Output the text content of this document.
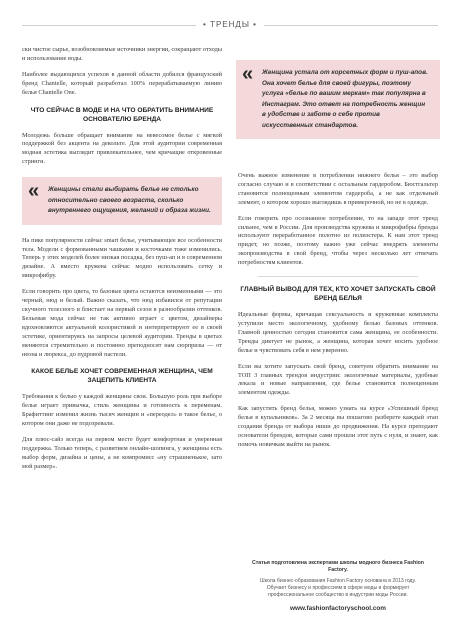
• ТРЕНДЫ •

ски чистое сырье, возобновляемые источники энергии, сокращают отходы и использование воды.

Наиболее выдающихся успехов в данной области добился французский бренд Chantelle, который разработал 100% перерабатываемую линию белья Chantelle One.

ЧТО СЕЙЧАС В МОДЕ И НА ЧТО ОБРАТИТЬ ВНИМАНИЕ ОСНОВАТЕЛЮ БРЕНДА

Молодежь больше обращает внимание на невесомое белье с мягкой поддержкой без акцента на декольте. Для этой аудитории современная модная эстетика выглядит привлекательнее, чем кричащие откровенные стринги.

« Женщины стали выбирать белье не столько относительно своего возраста, сколько внутреннего ощущения, желаний и образа жизни.

На пике популярности сейчас smart белье, учитывающее все особенности тела. Модели с формованными чашками и косточками тоже изменились. Теперь у этих моделей более низкая посадка, без пуш-ап и в современном дизайне. А вместо кружева сейчас модно использовать сетку и микрофибру.

Если говорить про цвета, то базовые цвета остаются неизменными — это черный, нюд и белый. Важно сказать, что нюд избавился от репутации скучного телесного и блистает на первый сезон в разнообразии оттенков. Бельевая мода сейчас не так активно играет с цветом, дизайнеры вдохновляются актуальной колористикой и интерпретируют ее в своей эстетике, ориентируясь на запросы целевой аудитории. Тренды в цветах меняются стремительно и постоянно преподносят нам сюрпризы — от неона и люрекса, до пудровой пастели.

КАКОЕ БЕЛЬЕ ХОЧЕТ СОВРЕМЕННАЯ ЖЕНЩИНА, ЧЕМ ЗАЦЕПИТЬ КЛИЕНТА

Требования к белью у каждой женщины свои. Большую роль при выборе белья играет привычка, стиль женщины и готовность к переменам. Брафиттинг изменил жизнь тысяч женщин и «переодел» в такое белье, о котором они даже не подозревали.

Для плюс-сайз всегда на первом месте будет комфортная и уверенная поддержка. Только теперь, с развитием онлайн-шопинга, у женщины есть выбор форм, дизайна и цены, а не компромисс «ну страшненькое, зато мой размер».

« Женщина устала от корсетных форм и пуш-апов. Она хочет белье для своей фигуры, поэтому услуга «белье по вашим меркам» так популярна в Инстаграм. Это ответ на потребность женщин в удобстве и заботе о себе против искусственных стандартов.

Очень важное изменение в потреблении нижнего белья – это выбор согласно случаю и в соответствии с остальным гардеробом. Бюстгальтер становится полноценным элементом гардероба, а не как отдельный элемент, о котором хорошо выглядишь в примерочной, но не в одежде.

Если говорить про осознанное потребление, то на западе этот тренд сильнее, чем в России. Для производства кружева и микрофибры бренды используют переработанное полотно из полиэстера. К нам этот тренд придет, но позже, поэтому важно уже сейчас внедрять элементы экопроизводства в свой бренд, чтобы через несколько лет отвечать потребностям клиентов.

ГЛАВНЫЙ ВЫВОД ДЛЯ ТЕХ, КТО ХОЧЕТ ЗАПУСКАТЬ СВОЙ БРЕНД БЕЛЬЯ

Идеальные формы, кричащая сексуальность и кружевные комплекты уступили место экологичному, удобному белью базовых оттенков. Главной ценностью сегодня становится сама женщина, ее особенности. Тренды диктует не рынок, а женщина, которая хочет носить удобное белье и чувствовать себя в нем уверенно.

Если вы хотите запускать свой бренд, советуем обратить внимание на ТОП 3 главных трендов индустрии: экологичные материалы, удобные лекала и новые направления, где белье становится полноценным элементом одежды.

Как запустить бренд белья, можно узнать на курсе «Успешный бренд белья в купальников». За 2 месяца вы пошагово разберете каждый этап создания бренда от выбора ниши до продвижения. На курсе преподают основатели брендов, которые сами прошли этот путь с нуля, и знают, как помочь новичкам выйти на рынок.

Статья подготовлена экспертами школы модного бизнеса Fashion Factory.
Школа бизнес-образования Fashion Factory основана в 2013 году. Обучает бизнесу и профессиям в сфере моды и формирует профессиональное сообщество в индустрии моды России.
www.fashionfactoryschool.com
